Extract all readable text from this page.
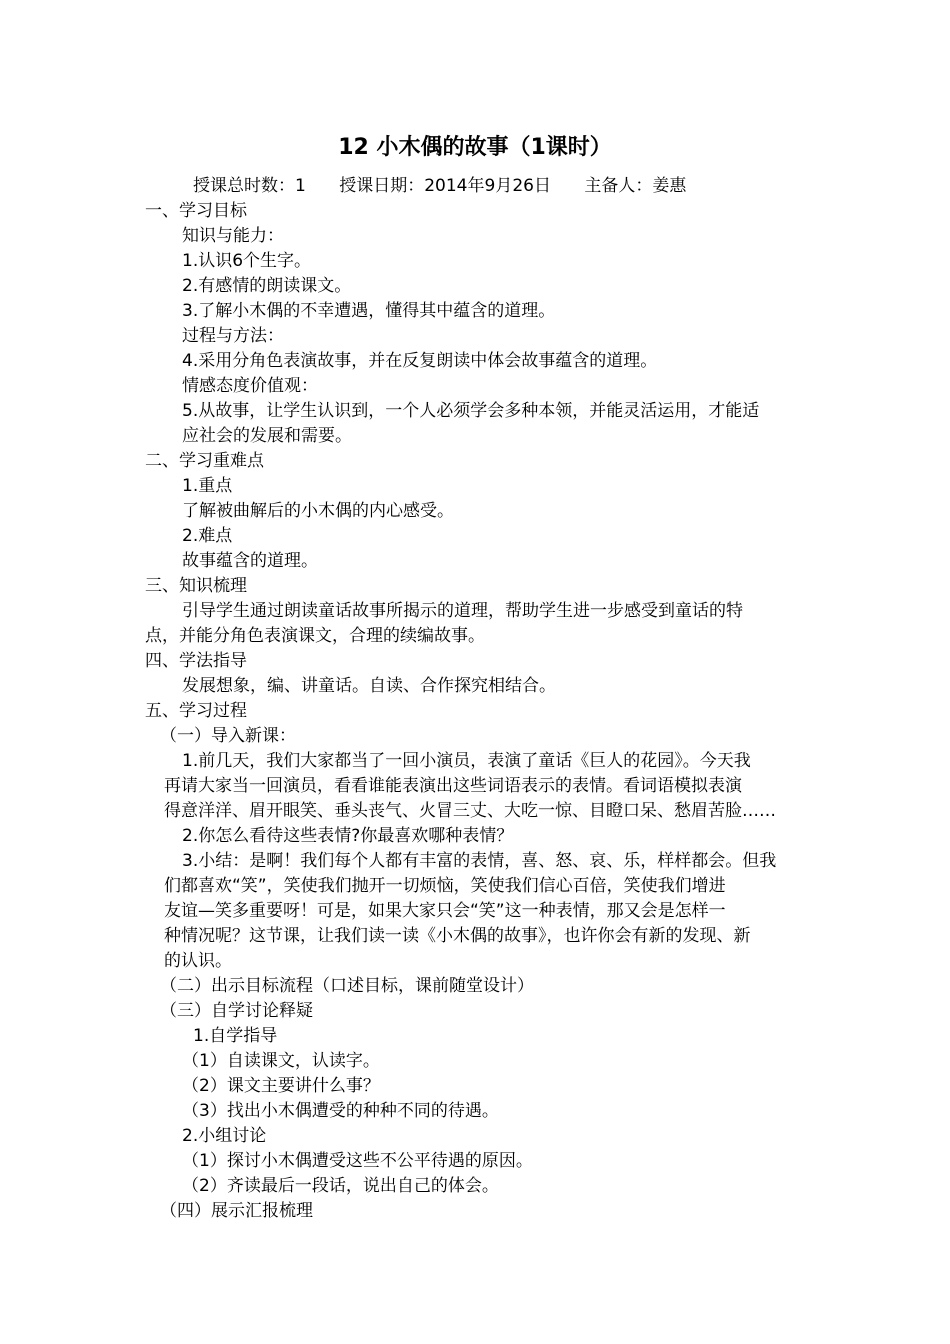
12 小木偶的故事（1课时）
授课总时数：1 授课日期：2014年9月26日 主备人：姜惠
一、学习目标
知识与能力：
1.认识6个生字。
2.有感情的朗读课文。
3.了解小木偶的不幸遭遇，懂得其中蕴含的道理。
过程与方法：
4.采用分角色表演故事，并在反复朗读中体会故事蕴含的道理。
情感态度价值观：
5.从故事，让学生认识到，一个人必须学会多种本领，并能灵活运用，才能适
应社会的发展和需要。
二、学习重难点
1.重点
了解被曲解后的小木偶的内心感受。
2.难点
故事蕴含的道理。
三、知识梳理
引导学生通过朗读童话故事所揭示的道理，帮助学生进一步感受到童话的特
点，并能分角色表演课文，合理的续编故事。
四、学法指导
发展想象，编、讲童话。自读、合作探究相结合。
五、学习过程
（一）导入新课：
1.前几天，我们大家都当了一回小演员，表演了童话《巨人的花园》。今天我
再请大家当一回演员，看看谁能表演出这些词语表示的表情。看词语模拟表演
得意洋洋、眉开眼笑、垂头丧气、火冒三丈、大吃一惊、目瞪口呆、愁眉苦脸……
2.你怎么看待这些表情?你最喜欢哪种表情？
3.小结：是啊！我们每个人都有丰富的表情，喜、怒、哀、乐，样样都会。但我
们都喜欢“笑”，笑使我们抛开一切烦恼，笑使我们信心百倍，笑使我们增进
友谊—笑多重要呀！可是，如果大家只会“笑”这一种表情，那又会是怎样一
种情况呢？这节课，让我们读一读《小木偶的故事》，也许你会有新的发现、新
的认识。
（二）出示目标流程（口述目标，课前随堂设计）
（三）自学讨论释疑
1.自学指导
（1）自读课文，认读字。
（2）课文主要讲什么事？
（3）找出小木偶遭受的种种不同的待遇。
2.小组讨论
（1）探讨小木偶遭受这些不公平待遇的原因。
（2）齐读最后一段话，说出自己的体会。
（四）展示汇报梳理
